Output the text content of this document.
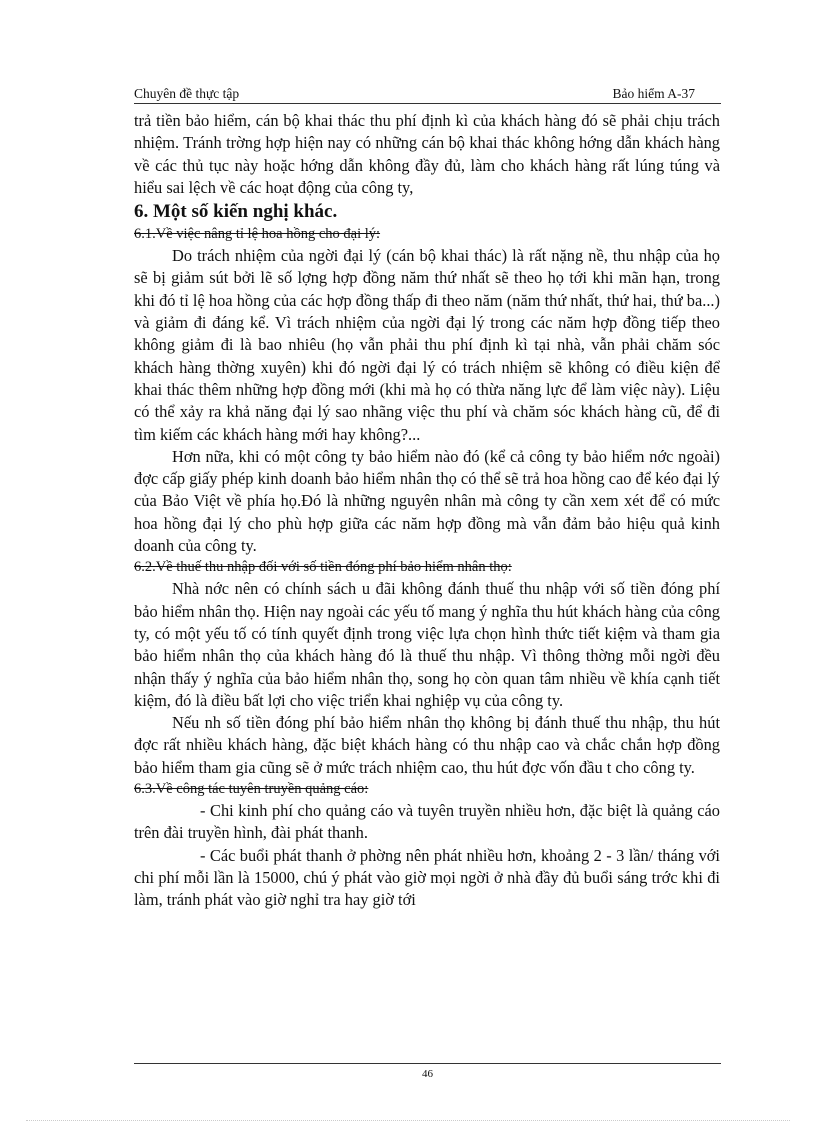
Chuyên đề thực tập	Bảo hiểm A-37

trả tiền bảo hiểm, cán bộ khai thác thu phí định kì của khách hàng đó sẽ phải chịu trách nhiệm. Tránh trờng hợp hiện nay có những cán bộ khai thác không hớng dẫn khách hàng về các thủ tục này hoặc hớng dẫn không đầy đủ, làm cho khách hàng rất lúng túng và hiểu sai lệch về các hoạt động của công ty,

6. Một số kiến nghị khác.

6.1.Về việc nâng tỉ lệ hoa hồng cho đại lý:

Do trách nhiệm của ngời đại lý (cán bộ khai thác) là rất nặng nề, thu nhập của họ sẽ bị giảm sút bởi lẽ số lợng hợp đồng năm thứ nhất sẽ theo họ tới khi mãn hạn, trong khi đó tỉ lệ hoa hồng của các hợp đồng thấp đi theo năm (năm thứ nhất, thứ hai, thứ ba...) và giảm đi đáng kể. Vì trách nhiệm của ngời đại lý trong các năm hợp đồng tiếp theo không giảm đi là bao nhiêu (họ vẫn phải thu phí định kì tại nhà, vẫn phải chăm sóc khách hàng thờng xuyên) khi đó ngời đại lý có trách nhiệm sẽ không có điều kiện để khai thác thêm những hợp đồng mới (khi mà họ có thừa năng lực để làm việc này). Liệu có thể xảy ra khả năng đại lý sao nhãng việc thu phí và chăm sóc khách hàng cũ, để đi tìm kiếm các khách hàng mới hay không?...

Hơn nữa, khi có một công ty bảo hiểm nào đó (kể cả công ty bảo hiểm nớc ngoài) đợc cấp giấy phép kinh doanh bảo hiểm nhân thọ có thể sẽ trả hoa hồng cao để kéo đại lý của Bảo Việt về phía họ.Đó là những nguyên nhân mà công ty cần xem xét để có mức hoa hồng đại lý cho phù hợp giữa các năm hợp đồng mà vẫn đảm bảo hiệu quả kinh doanh của công ty.

6.2.Về thuế thu nhập đối với số tiền đóng phí bảo hiểm nhân thọ:

Nhà nớc nên có chính sách u đãi không đánh thuế thu nhập với số tiền đóng phí bảo hiểm nhân thọ. Hiện nay ngoài các yếu tố mang ý nghĩa thu hút khách hàng của công ty, có một yếu tố có tính quyết định trong việc lựa chọn hình thức tiết kiệm và tham gia bảo hiểm nhân thọ của khách hàng đó là thuế thu nhập. Vì thông thờng mỗi ngời đều nhận thấy ý nghĩa của bảo hiểm nhân thọ, song họ còn quan tâm nhiều về khía cạnh tiết kiệm, đó là điều bất lợi cho việc triển khai nghiệp vụ của công ty.

Nếu nh số tiền đóng phí bảo hiểm nhân thọ không bị đánh thuế thu nhập, thu hút đợc rất nhiều khách hàng, đặc biệt khách hàng có thu nhập cao và chắc chắn hợp đồng bảo hiểm tham gia cũng sẽ ở mức trách nhiệm cao, thu hút đợc vốn đầu t cho công ty.

6.3.Về công tác tuyên truyền quảng cáo:

- Chi kinh phí cho quảng cáo và tuyên truyền nhiều hơn, đặc biệt là quảng cáo trên đài truyền hình, đài phát thanh.

- Các buổi phát thanh ở phờng nên phát nhiều hơn, khoảng 2 - 3 lần/ tháng với chi phí mỗi lần là 15000, chú ý phát vào giờ mọi ngời ở nhà đầy đủ buổi sáng trớc khi đi làm, tránh phát vào giờ nghỉ tra hay giờ tới

46
